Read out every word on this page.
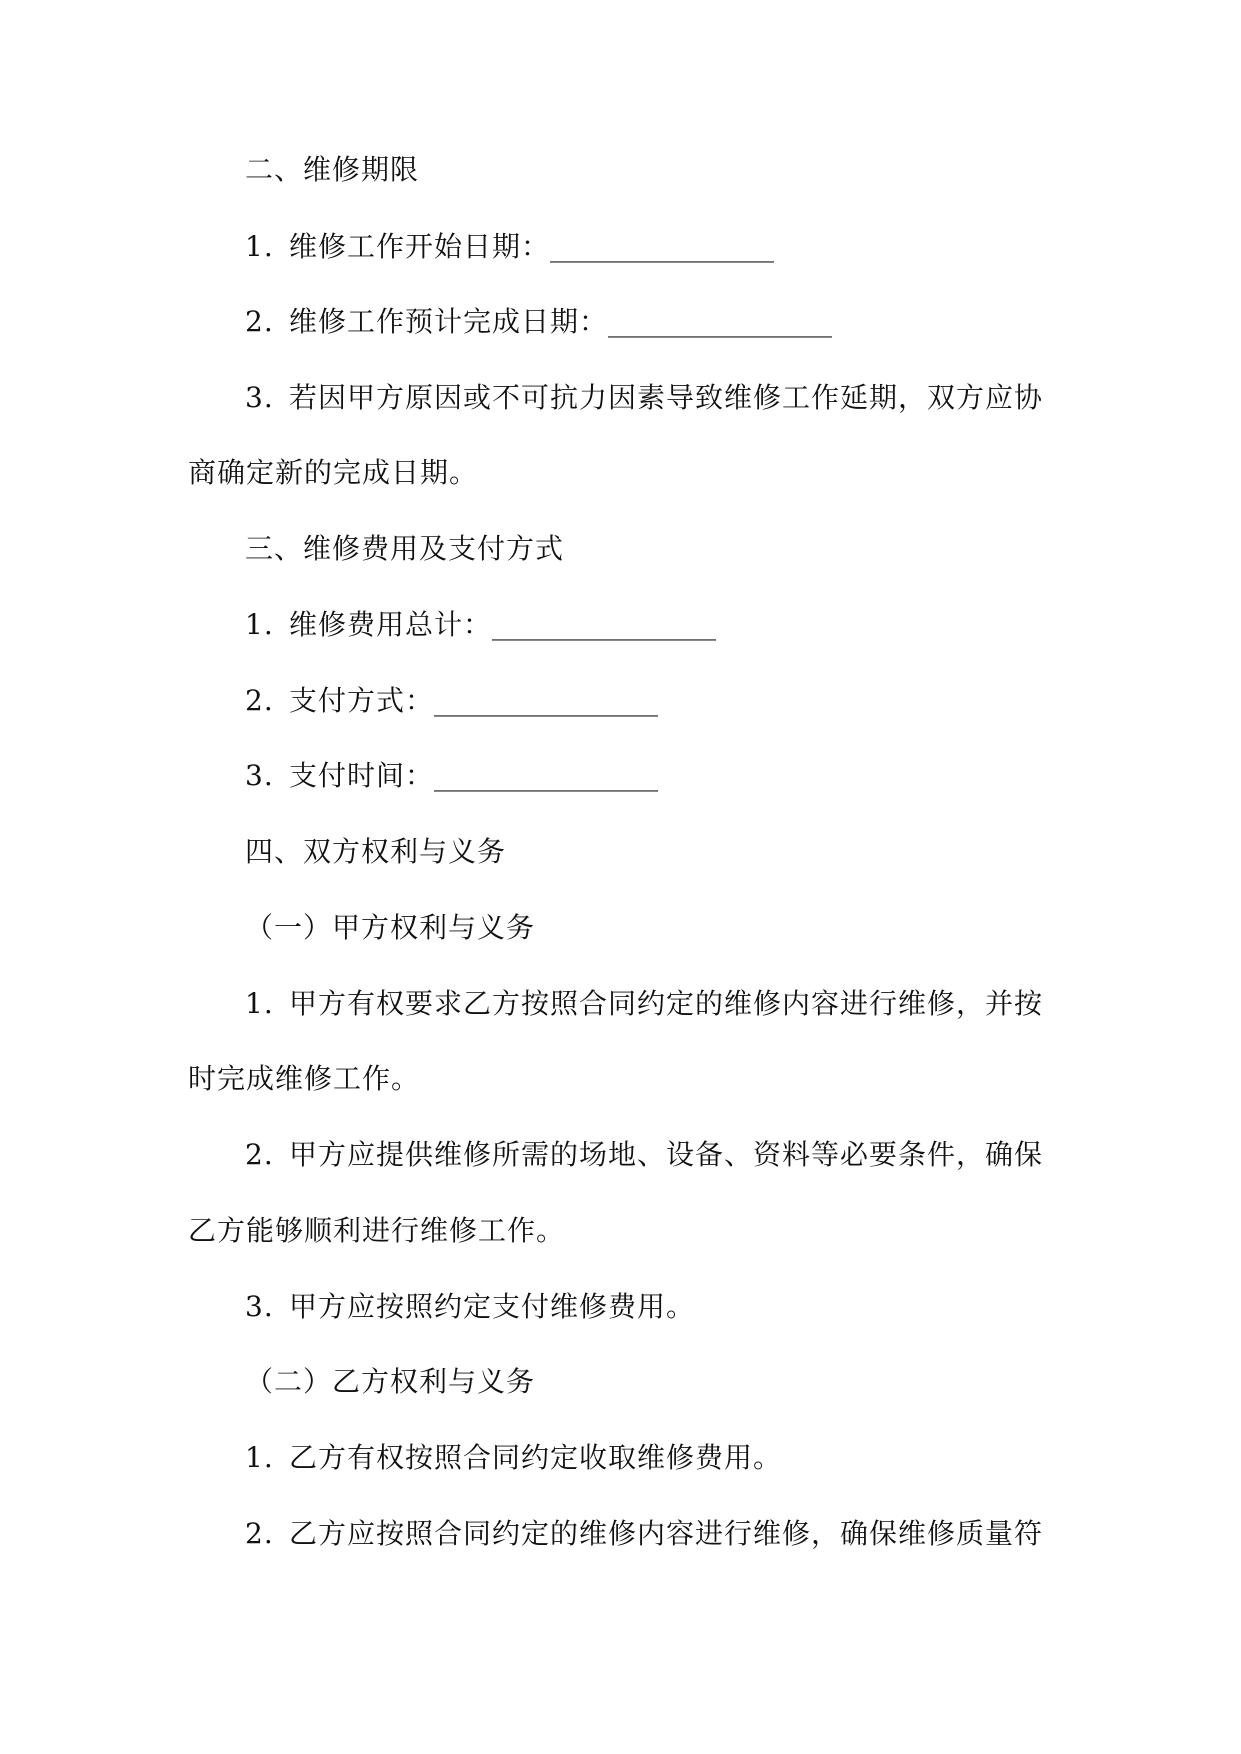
二、维修期限
1. 维修工作开始日期：________________
2. 维修工作预计完成日期：________________
3. 若因甲方原因或不可抗力因素导致维修工作延期，双方应协
商确定新的完成日期。
三、维修费用及支付方式
1. 维修费用总计：________________
2. 支付方式：________________
3. 支付时间：________________
四、双方权利与义务
（一）甲方权利与义务
1. 甲方有权要求乙方按照合同约定的维修内容进行维修，并按
时完成维修工作。
2. 甲方应提供维修所需的场地、设备、资料等必要条件，确保
乙方能够顺利进行维修工作。
3. 甲方应按照约定支付维修费用。
（二）乙方权利与义务
1. 乙方有权按照合同约定收取维修费用。
2. 乙方应按照合同约定的维修内容进行维修，确保维修质量符
